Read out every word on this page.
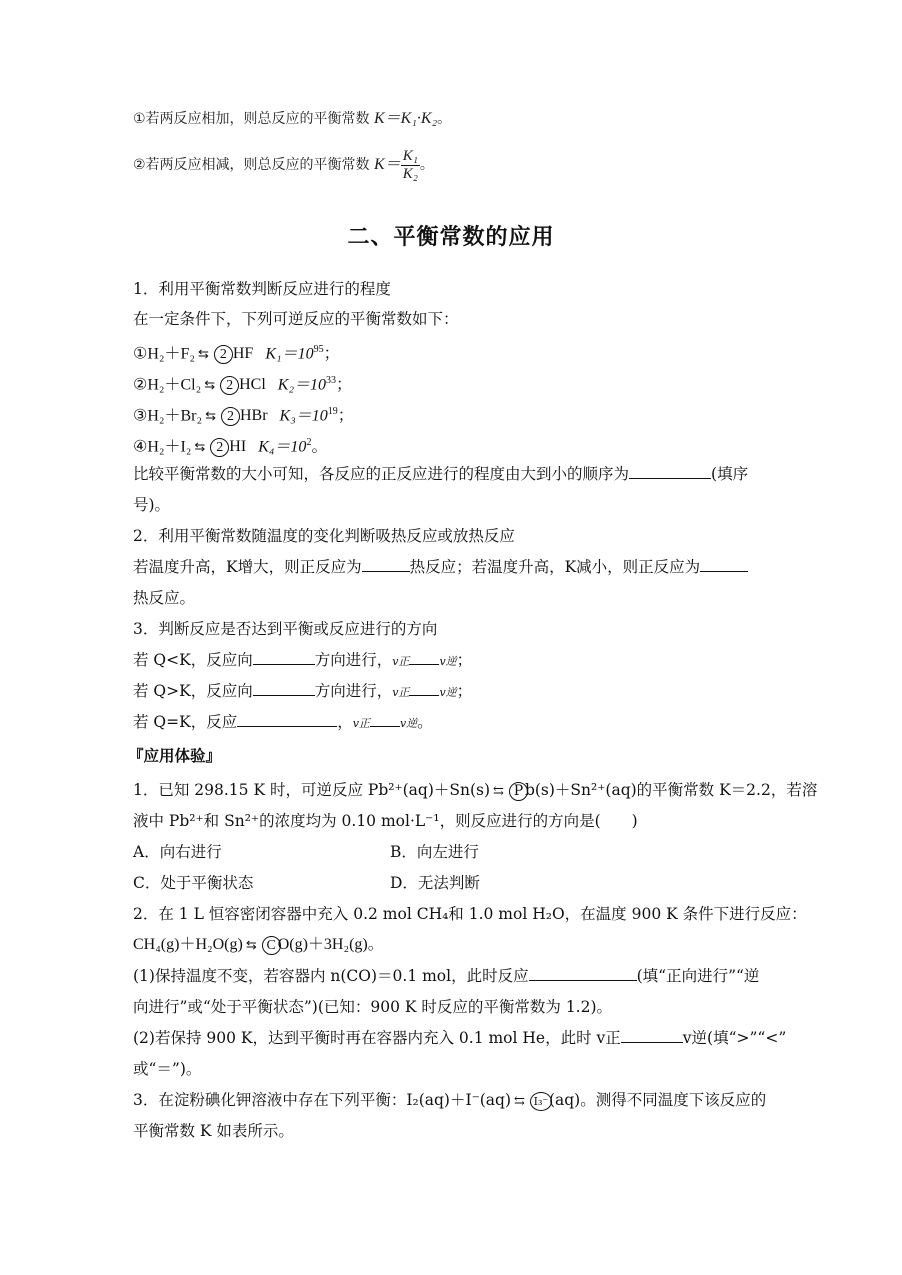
①若两反应相加，则总反应的平衡常数 K＝K₁·K₂。
②若两反应相减，则总反应的平衡常数 $K= \frac{\text{K₁}}{\text{K₂}}$ 。
二、平衡常数的应用
1．利用平衡常数判断反应进行的程度
在一定条件下，下列可逆反应的平衡常数如下：
①H₂＋F₂ ⇆ 2 HF $K_1=10^{95}$；
②H₂＋Cl₂ ⇆ 2 HCl $K_2=10^{33}$；
③H₂＋Br₂ ⇆ 2 HBr $K_3=10^{19}$；
④H₂＋I₂ ⇆ 2 HI $K_4=10^2$。
比较平衡常数的大小可知，各反应的正反应进行的程度由大到小的顺序为	(填序
号)。
2．利用平衡常数随温度的变化判断吸热反应或放热反应
若温度升高，K增大，则正反应为	热反应；若温度升高，K减小，则正反应为
热反应。
3．判断反应是否达到平衡或反应进行的方向
若 Q<K，反应向	方向进行，v正	v逆；
若 Q>K，反应向	方向进行，v正	v逆；
若 Q=K，反应	，v正	v逆。
『应用体验』
1．已知 298.15 K 时，可逆反应 Pb²⁺(aq)＋Sn(s) ⇆ P b(s)＋Sn²⁺(aq)的平衡常数 K＝2.2，若溶
液中 Pb²⁺和 Sn²⁺的浓度均为 0.10 mol·L⁻¹，则反应进行的方向是(　　)
A．向右进行	B．向左进行
C．处于平衡状态	D．无法判断
2．在 1 L 恒容密闭容器中充入 0.2 mol CH₄和 1.0 mol H₂O，在温度 900 K 条件下进行反应：
CH₄(g)＋H₂O(g) ⇆ C O(g)＋3H₂(g)。
(1)保持温度不变，若容器内 n(CO)＝0.1 mol，此时反应	(填“正向进行”“逆
向进行”或“处于平衡状态”)(已知：900 K 时反应的平衡常数为 1.2)。
(2)若保持 900 K，达到平衡时再在容器内充入 0.1 mol He，此时 v正	v逆(填“>”“<”
或“＝”)。
3．在淀粉碘化钾溶液中存在下列平衡：I₂(aq)＋I⁻(aq) ⇆ I₃⁻(aq)。测得不同温度下该反应的
平衡常数 K 如表所示。
